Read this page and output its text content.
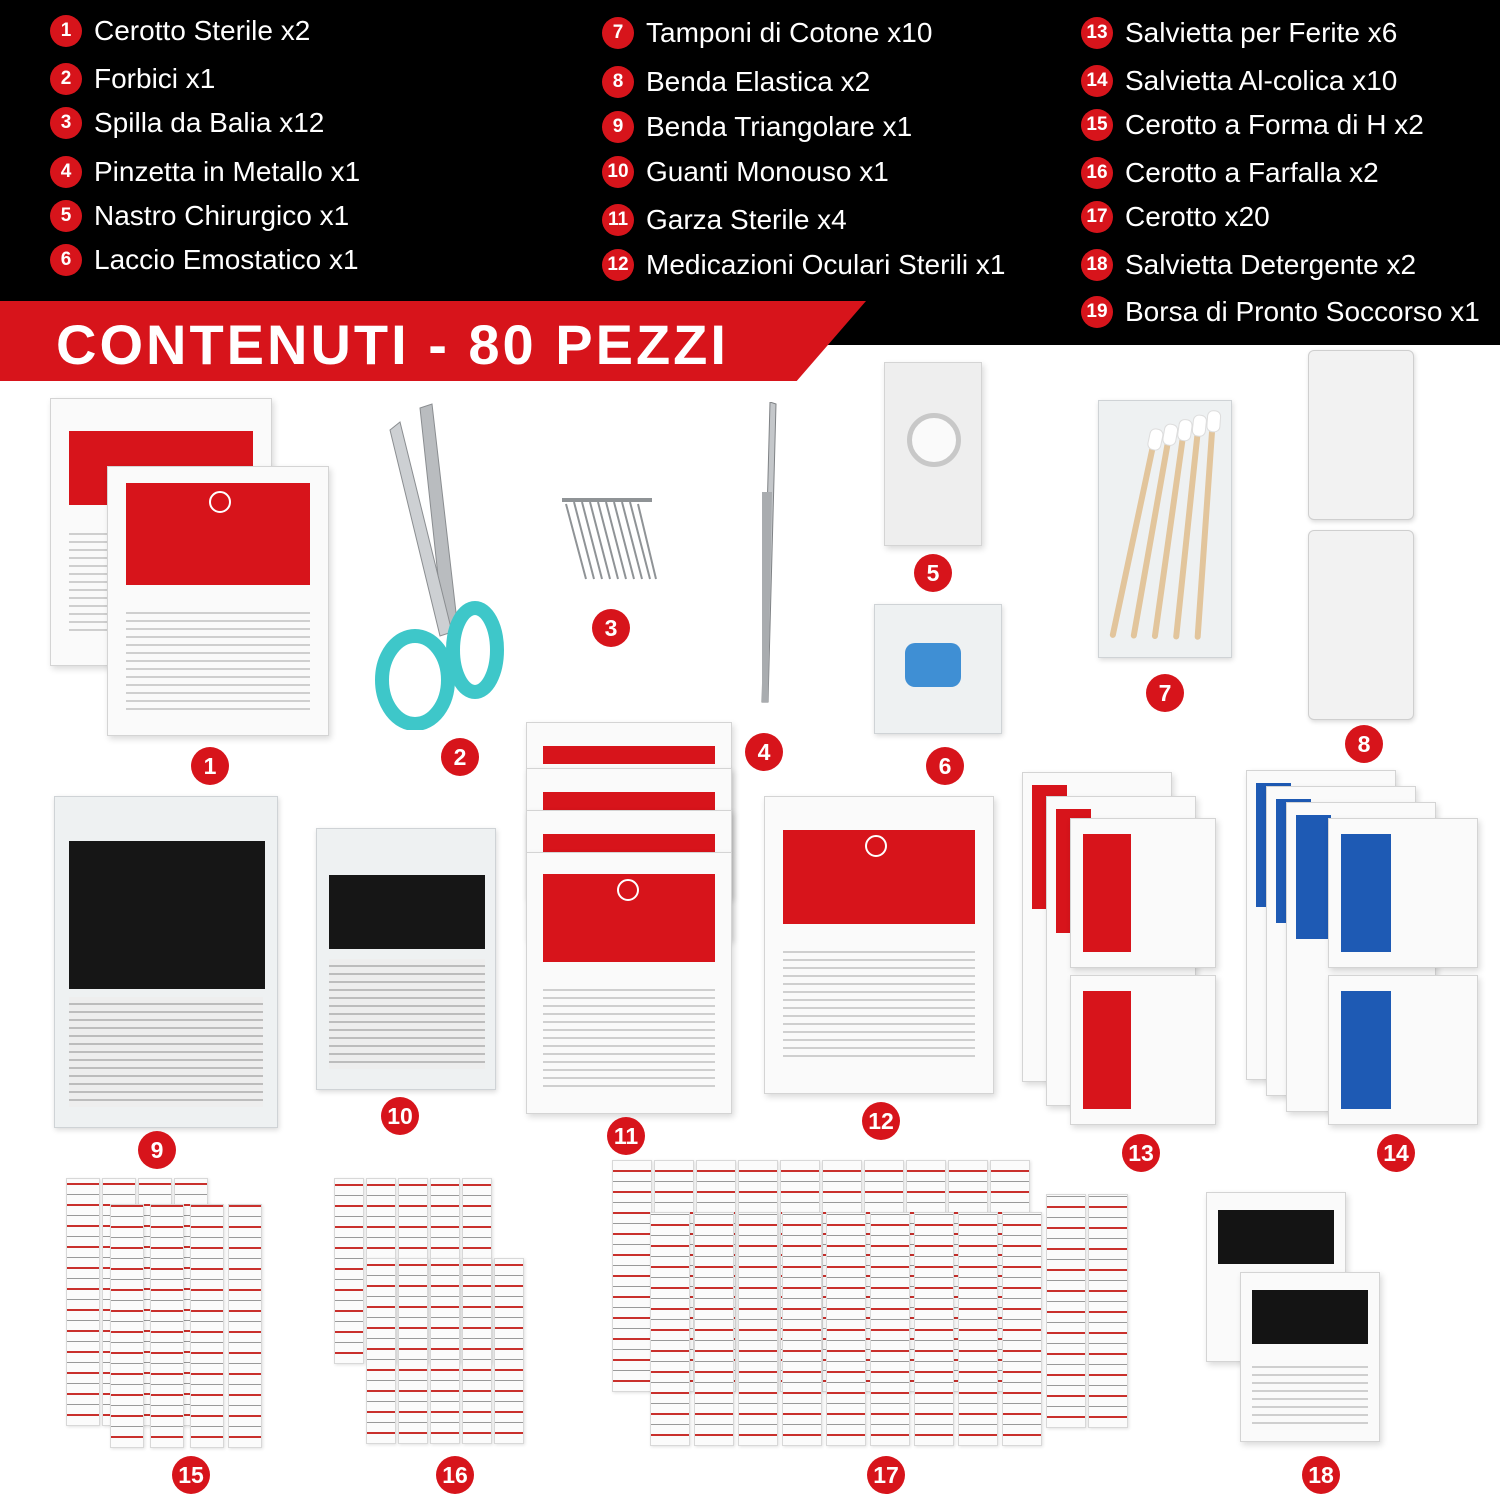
1 Cerotto Sterile x2
2 Forbici x1
3 Spilla da Balia x12
4 Pinzetta in Metallo x1
5 Nastro Chirurgico x1
6 Laccio Emostatico x1
7 Tamponi di Cotone x10
8 Benda Elastica x2
9 Benda Triangolare x1
10 Guanti Monouso x1
11 Garza Sterile x4
12 Medicazioni Oculari Sterili x1
13 Salvietta per Ferite x6
14 Salvietta Al-colica x10
15 Cerotto a Forma di H x2
16 Cerotto a Farfalla x2
17 Cerotto x20
18 Salvietta Detergente x2
19 Borsa di Pronto Soccorso x1
CONTENUTI - 80 PEZZI
1	2
3
4
5
6
7
8
9
10
11
12
13	14
15	16	17	18
